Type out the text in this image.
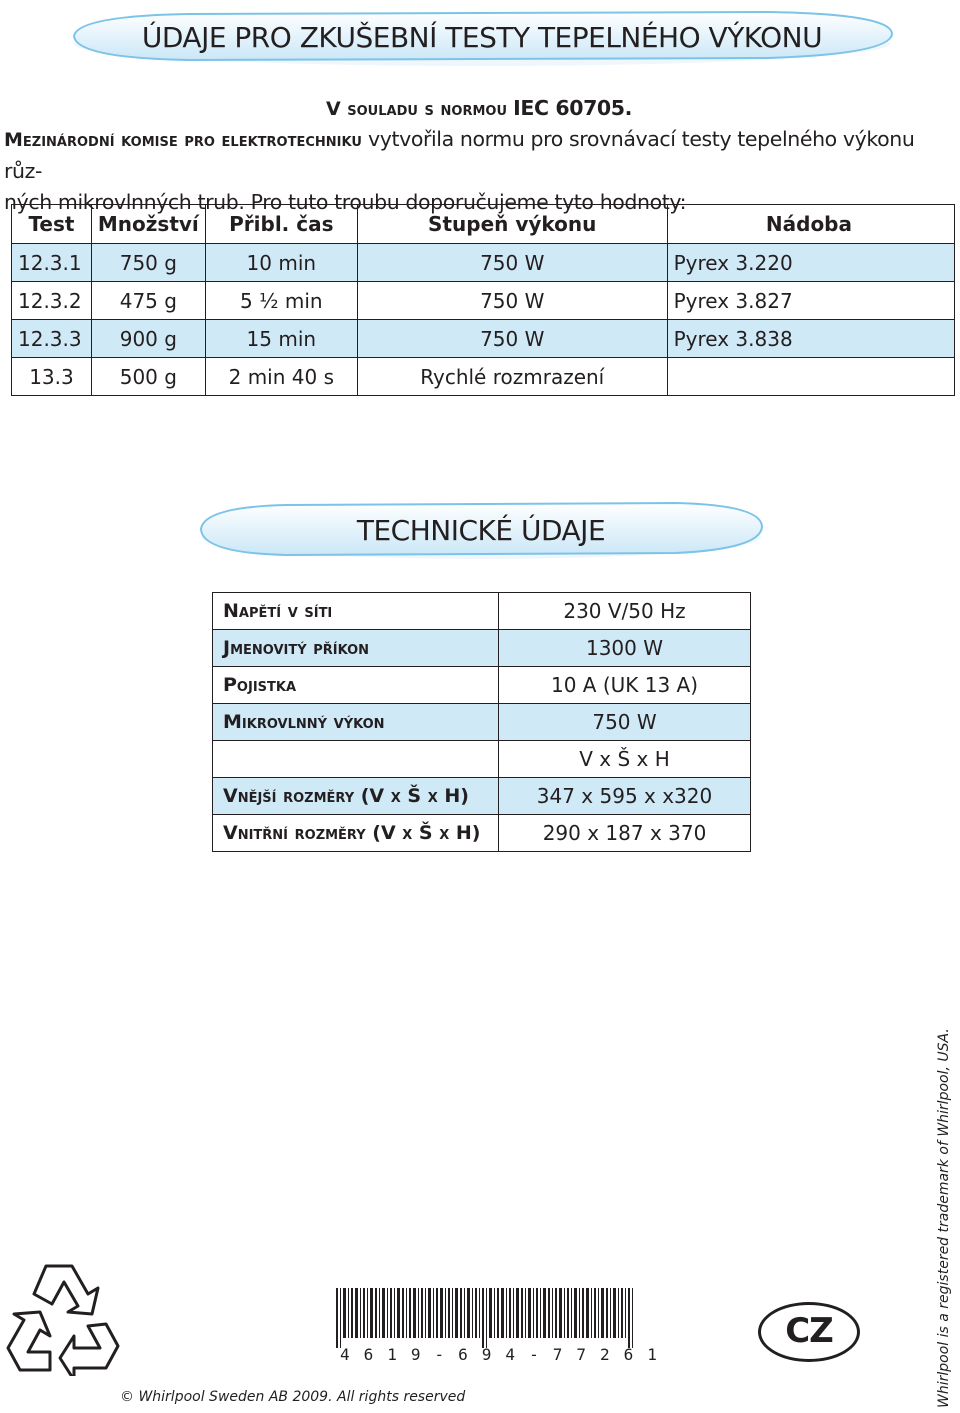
ÚDAJE PRO ZKUŠEBNÍ TESTY TEPELNÉHO VÝKONU
V souladu s normou IEC 60705.
Mezinárodní komise pro elektrotechniku vytvořila normu pro srovnávací testy tepelného výkonu růz-
ných mikrovlnných trub. Pro tuto troubu doporučujeme tyto hodnoty:
Test	Množství	Přibl. čas	Stupeň výkonu	Nádoba
12.3.1	750 g	10 min	750 W	Pyrex 3.220
12.3.2	475 g	5 ½ min	750 W	Pyrex 3.827
12.3.3	900 g	15 min	750 W	Pyrex 3.838
13.3	500 g	2 min 40 s	Rychlé rozmrazení	
TECHNICKÉ ÚDAJE
Napětí v síti	230 V/50 Hz
Jmenovitý příkon	1300 W
Pojistka	10 A (UK 13 A)
Mikrovlnný výkon	750 W
	V x Š x H
Vnější rozměry (V x Š x H)	347 x 595 x x320
Vnitřní rozměry (V x Š x H)	290 x 187 x 370
4619-694-77261
© Whirlpool Sweden AB 2009. All rights reserved
CZ	Whirlpool is a registered trademark of Whirlpool, USA.
